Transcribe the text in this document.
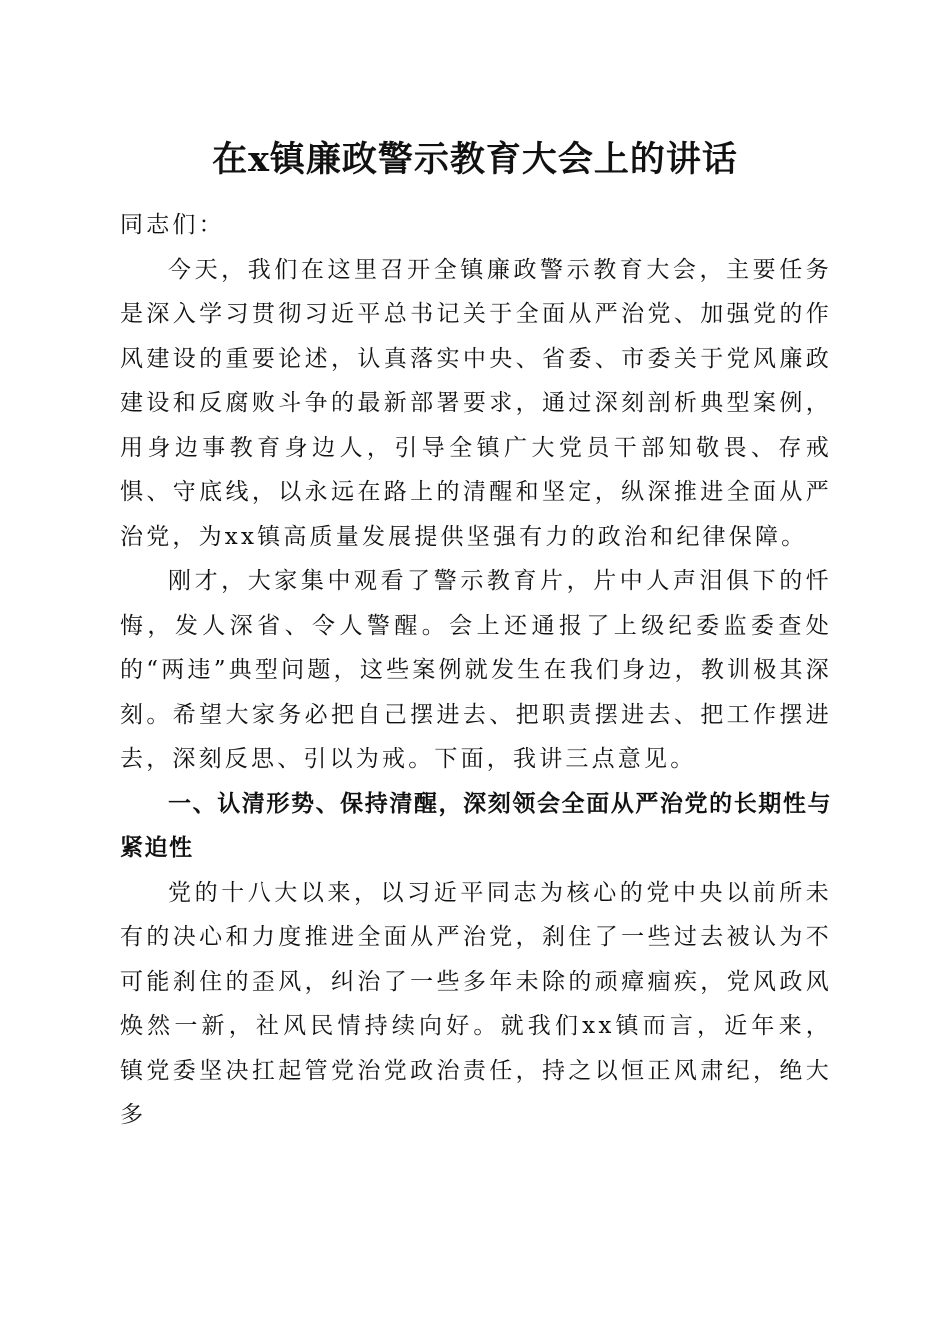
在x镇廉政警示教育大会上的讲话

同志们：

今天，我们在这里召开全镇廉政警示教育大会，主要任务是深入学习贯彻习近平总书记关于全面从严治党、加强党的作风建设的重要论述，认真落实中央、省委、市委关于党风廉政建设和反腐败斗争的最新部署要求，通过深刻剖析典型案例，用身边事教育身边人，引导全镇广大党员干部知敬畏、存戒惧、守底线，以永远在路上的清醒和坚定，纵深推进全面从严治党，为xx镇高质量发展提供坚强有力的政治和纪律保障。

刚才，大家集中观看了警示教育片，片中人声泪俱下的忏悔，发人深省、令人警醒。会上还通报了上级纪委监委查处的“两违”典型问题，这些案例就发生在我们身边，教训极其深刻。希望大家务必把自己摆进去、把职责摆进去、把工作摆进去，深刻反思、引以为戒。下面，我讲三点意见。

一、认清形势、保持清醒，深刻领会全面从严治党的长期性与紧迫性

党的十八大以来，以习近平同志为核心的党中央以前所未有的决心和力度推进全面从严治党，刹住了一些过去被认为不可能刹住的歪风，纠治了一些多年未除的顽瘴痼疾，党风政风焕然一新，社风民情持续向好。就我们xx镇而言，近年来，镇党委坚决扛起管党治党政治责任，持之以恒正风肃纪，绝大多
